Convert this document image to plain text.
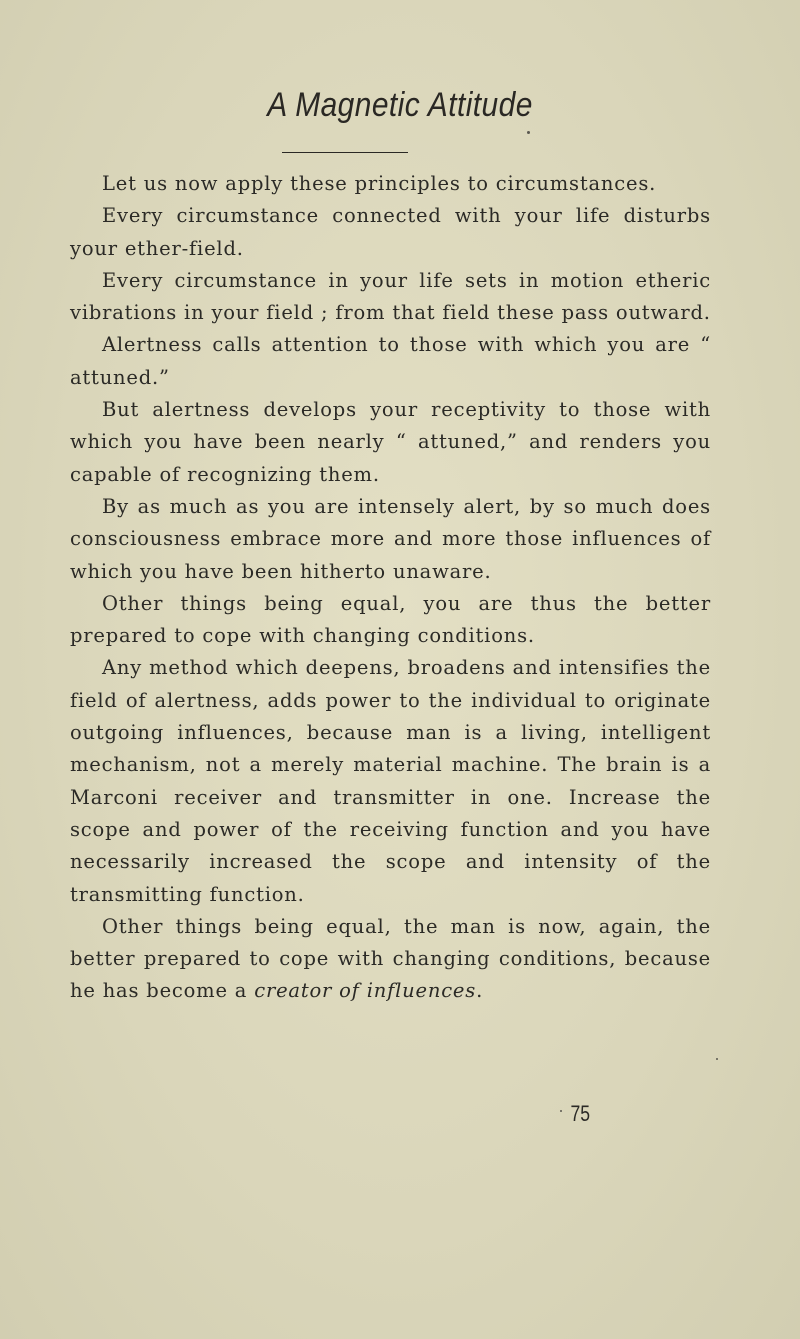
A Magnetic Attitude

Let us now apply these principles to circumstances.

Every circumstance connected with your life disturbs your ether-field.

Every circumstance in your life sets in motion etheric vibrations in your field ; from that field these pass outward.

Alertness calls attention to those with which you are “ attuned.”

But alertness develops your receptivity to those with which you have been nearly “ attuned,” and renders you capable of recognizing them.

By as much as you are intensely alert, by so much does consciousness embrace more and more those influences of which you have been hitherto unaware.

Other things being equal, you are thus the better prepared to cope with changing conditions.

Any method which deepens, broadens and intensifies the field of alertness, adds power to the individual to originate outgoing influences, because man is a living, intelligent mechanism, not a merely material machine. The brain is a Marconi receiver and transmitter in one. Increase the scope and power of the receiving function and you have necessarily increased the scope and intensity of the transmitting function.

Other things being equal, the man is now, again, the better prepared to cope with changing conditions, because he has become a creator of influences.

75
